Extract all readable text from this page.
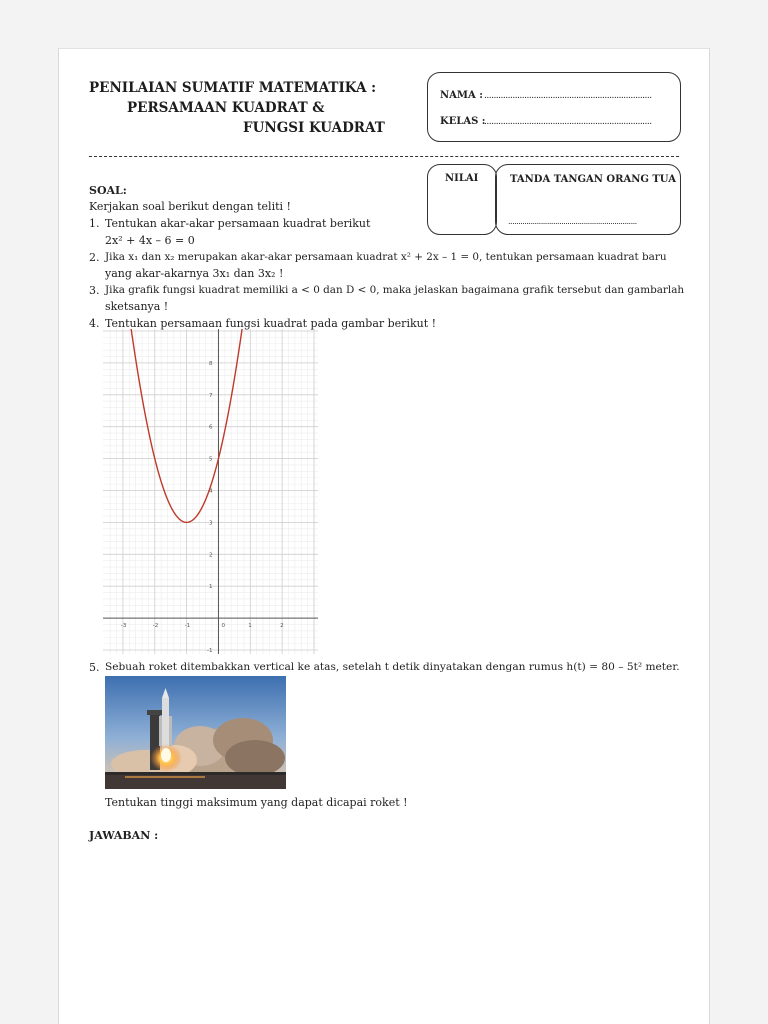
PENILAIAN SUMATIF MATEMATIKA :
PERSAMAAN KUADRAT &
FUNGSI KUADRAT
NAMA : .......................................................................
KELAS :
.......................................................................
NILAI	TANDA TANGAN ORANG TUA
...............................................................
SOAL:
Kerjakan soal berikut dengan teliti !
1. Tentukan akar-akar persamaan kuadrat berikut
2x² + 4x – 6 = 0
2. Jika x₁ dan x₂ merupakan akar-akar persamaan kuadrat x² + 2x – 1 = 0, tentukan persamaan kuadrat baru
yang akar-akarnya 3x₁ dan 3x₂ !
3. Jika grafik fungsi kuadrat memiliki a < 0 dan D < 0, maka jelaskan bagaimana grafik tersebut dan gambarlah
sketsanya !
4. Tentukan persamaan fungsi kuadrat pada gambar berikut !
-3	-2	-1	0	1	2
-1
1
2
3
4
5
6
7
8
5. Sebuah roket ditembakkan vertical ke atas, setelah t detik dinyatakan dengan rumus h(t) = 80 – 5t² meter.
Tentukan tinggi maksimum yang dapat dicapai roket !
JAWABAN :
